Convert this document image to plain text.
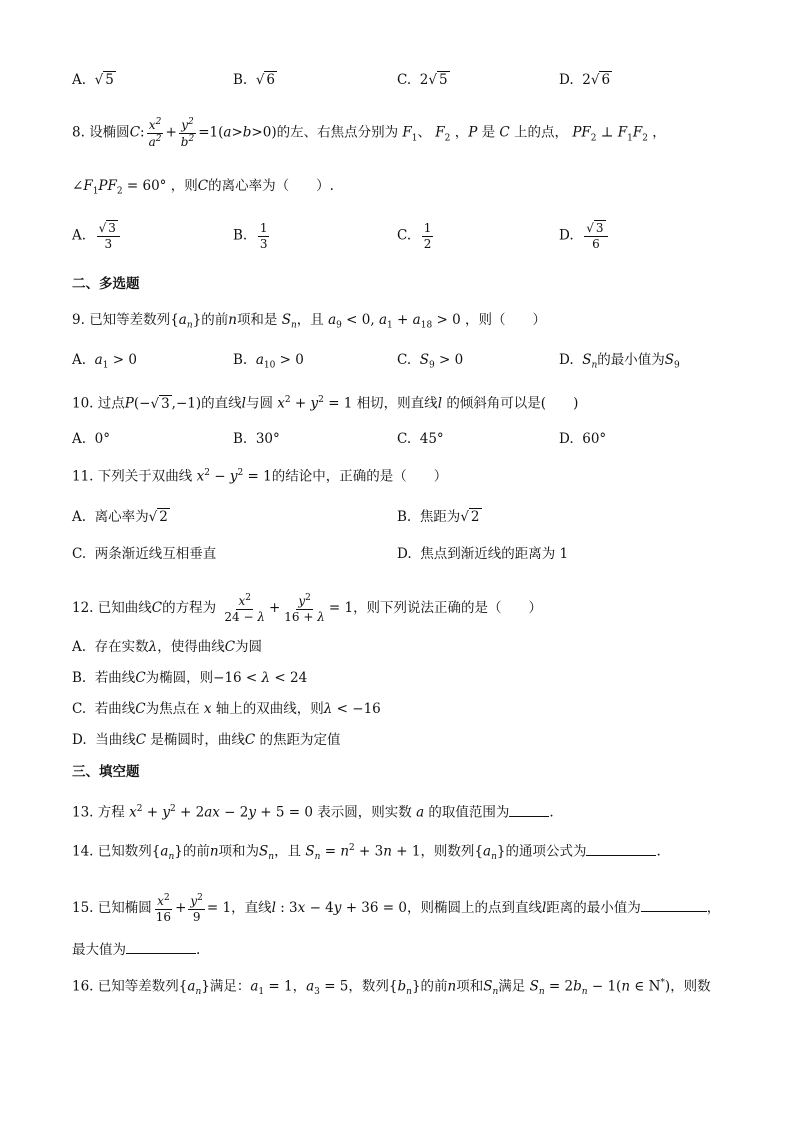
A. √ 5	B. √ 6	C. 2√ 5	D. 2√ 6
8. 设椭圆C: $\frac{x^2}{a^2} + \frac{y^2}{b^2} =1(a>b>0)$的左、右焦点分别为 $F_1$、 $F_2$ ，P 是 C 上的点， $PF_2$ ⊥ $F_1F_2$ ，
$\angle F_1PF_2 = 60^\circ$ ，则C的离心率为（　　）.
A. $\frac{√ 3}{3}$	B. $\frac{1}{3}$	C. $\frac{1}{2}$	D. $\frac{√ 3}{6}$
二、多选题
9. 已知等差数列$\{a_n\}$的前n项和是 $S_n$，且 $a_9 < 0$, $a_1 + a_{18} > 0$ ，则（　　）
A. $a_1 > 0$	B. $a_{10} > 0$	C. $S_9 > 0$	D. $S_n$的最小值为$S_9$
10. 过点P(−√ 3 ,−1)的直线l与圆 $x^2 + y^2 = 1$ 相切，则直线l 的倾斜角可以是(　　)
A. 0°	B. 30°	C. 45°	D. 60°
11. 下列关于双曲线 $x^2 - y^2 = 1$的结论中，正确的是（　　）
A. 离心率为√ 2	B. 焦距为√ 2
C. 两条渐近线互相垂直	D. 焦点到渐近线的距离为 1
12. 已知曲线C的方程为 $\frac{x^2}{24 - \lambda} + \frac{y^2}{16 + \lambda} = 1$，则下列说法正确的是（　　）
A. 存在实数λ，使得曲线C为圆
B. 若曲线C为椭圆，则−16 < λ < 24
C. 若曲线C为焦点在 x 轴上的双曲线，则λ < −16
D. 当曲线C 是椭圆时，曲线C 的焦距为定值
三、填空题
13. 方程 $x^2 + y^2 + 2ax - 2y + 5 = 0$ 表示圆，则实数 a 的取值范围为	.
14. 已知数列$\{a_n\}$的前n项和为$S_n$，且 $S_n = n^2 + 3n + 1$，则数列$\{a_n\}$的通项公式为	.
15. 已知椭圆 $\frac{x^2}{16} + \frac{y^2}{9} = 1$，直线l : 3x − 4y + 36 = 0，则椭圆上的点到直线l距离的最小值为	，
最大值为	.
16. 已知等差数列$\{a_n\}$满足：$a_1 = 1$，$a_3 = 5$，数列$\{b_n\}$的前n项和$S_n$满足 $S_n = 2b_n - 1(n$ ∈ N*)，则数
